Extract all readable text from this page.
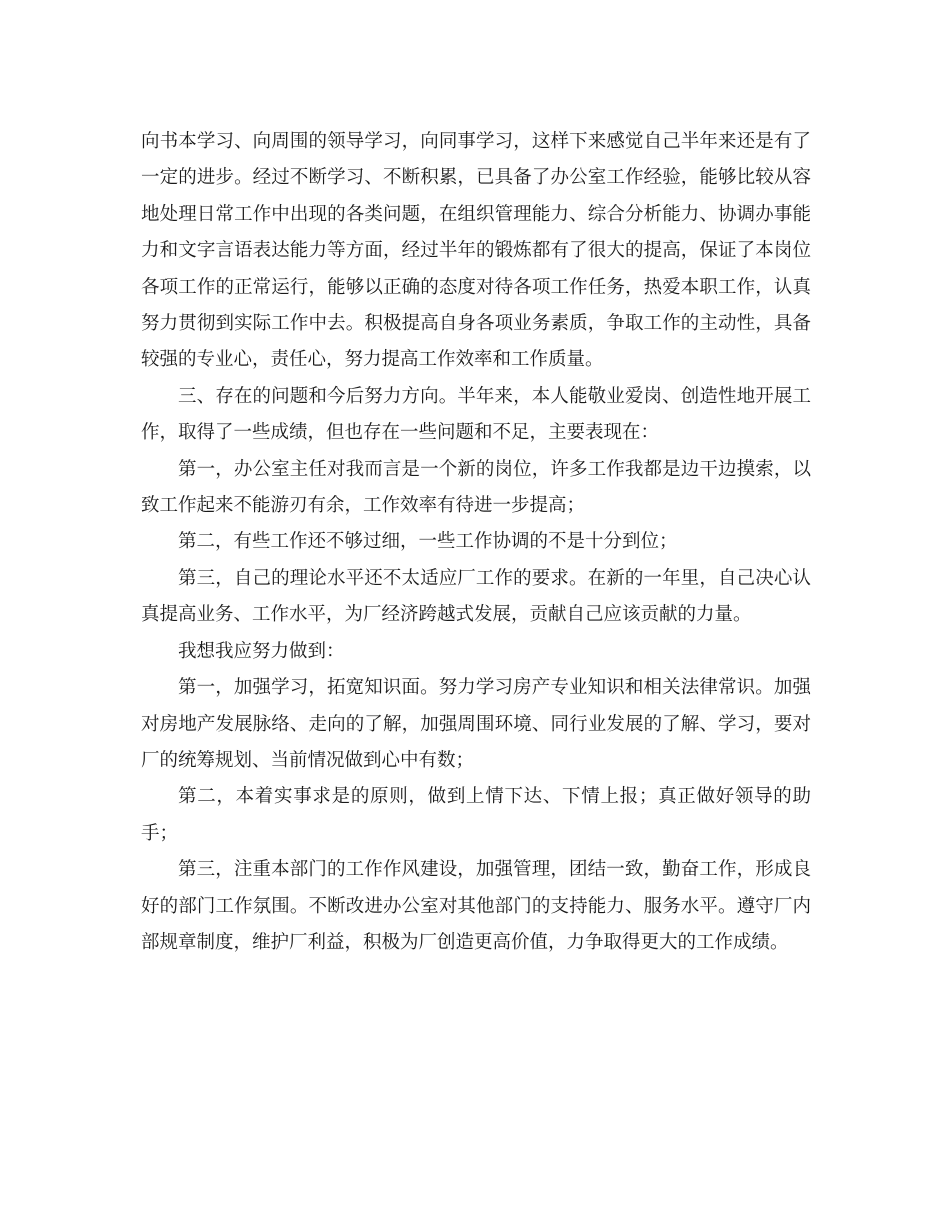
向书本学习、向周围的领导学习，向同事学习，这样下来感觉自己半年来还是有了一定的进步。经过不断学习、不断积累，已具备了办公室工作经验，能够比较从容地处理日常工作中出现的各类问题，在组织管理能力、综合分析能力、协调办事能力和文字言语表达能力等方面，经过半年的锻炼都有了很大的提高，保证了本岗位各项工作的正常运行，能够以正确的态度对待各项工作任务，热爱本职工作，认真努力贯彻到实际工作中去。积极提高自身各项业务素质，争取工作的主动性，具备较强的专业心，责任心，努力提高工作效率和工作质量。

三、存在的问题和今后努力方向。半年来，本人能敬业爱岗、创造性地开展工作，取得了一些成绩，但也存在一些问题和不足，主要表现在：

第一，办公室主任对我而言是一个新的岗位，许多工作我都是边干边摸索，以致工作起来不能游刃有余，工作效率有待进一步提高；

第二，有些工作还不够过细，一些工作协调的不是十分到位；

第三，自己的理论水平还不太适应厂工作的要求。在新的一年里，自己决心认真提高业务、工作水平，为厂经济跨越式发展，贡献自己应该贡献的力量。

我想我应努力做到：

第一，加强学习，拓宽知识面。努力学习房产专业知识和相关法律常识。加强对房地产发展脉络、走向的了解，加强周围环境、同行业发展的了解、学习，要对厂的统筹规划、当前情况做到心中有数；

第二，本着实事求是的原则，做到上情下达、下情上报；真正做好领导的助手；

第三，注重本部门的工作作风建设，加强管理，团结一致，勤奋工作，形成良好的部门工作氛围。不断改进办公室对其他部门的支持能力、服务水平。遵守厂内部规章制度，维护厂利益，积极为厂创造更高价值，力争取得更大的工作成绩。
